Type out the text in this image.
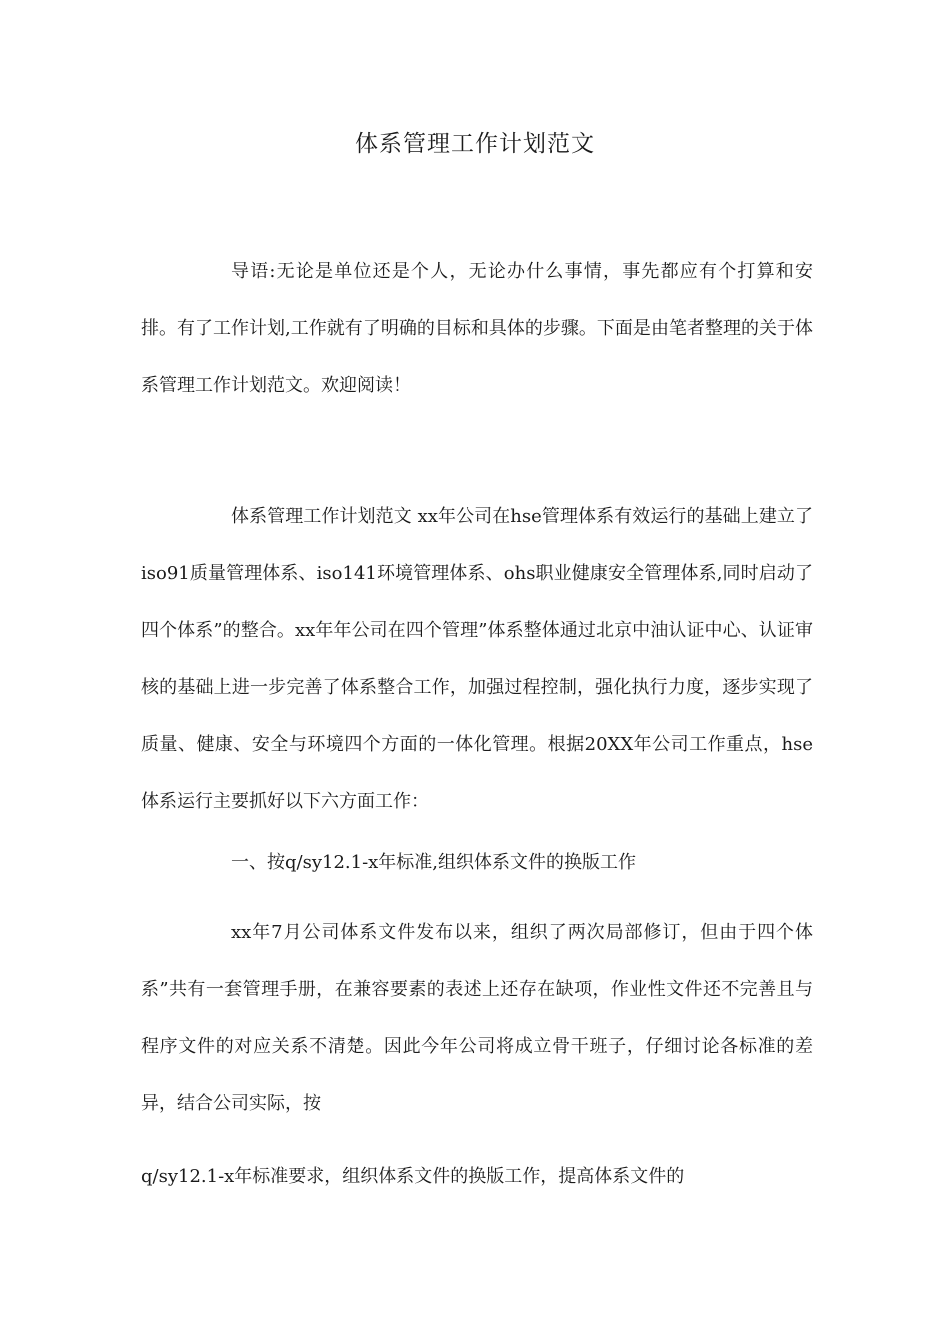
体系管理工作计划范文

导语:无论是单位还是个人，无论办什么事情，事先都应有个打算和安排。有了工作计划,工作就有了明确的目标和具体的步骤。下面是由笔者整理的关于体系管理工作计划范文。欢迎阅读！

体系管理工作计划范文 xx年公司在hse管理体系有效运行的基础上建立了 iso91质量管理体系、iso141环境管理体系、ohs职业健康安全管理体系,同时启动了四个体系”的整合。xx年年公司在四个管理”体系整体通过北京中油认证中心、认证审核的基础上进一步完善了体系整合工作，加强过程控制，强化执行力度，逐步实现了质量、健康、安全与环境四个方面的一体化管理。根据20XX年公司工作重点，hse体系运行主要抓好以下六方面工作：

一、按q/sy12.1-x年标准,组织体系文件的换版工作

xx年7月公司体系文件发布以来，组织了两次局部修订，但由于四个体系”共有一套管理手册，在兼容要素的表述上还存在缺项，作业性文件还不完善且与程序文件的对应关系不清楚。因此今年公司将成立骨干班子，仔细讨论各标准的差异，结合公司实际，按

q/sy12.1-x年标准要求，组织体系文件的换版工作，提高体系文件的
